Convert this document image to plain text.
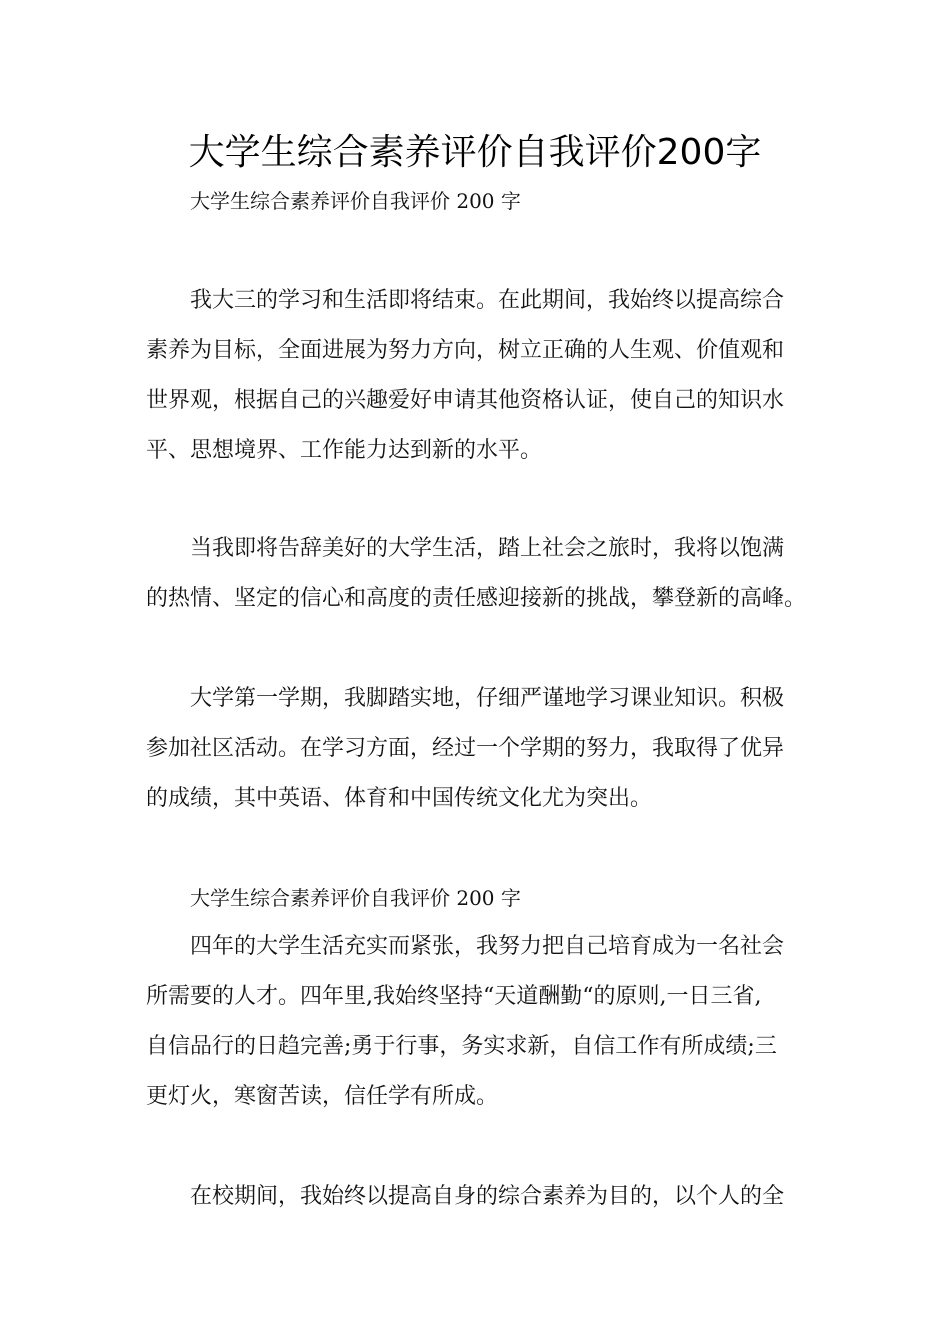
大学生综合素养评价自我评价200字

大学生综合素养评价自我评价 200 字

我大三的学习和生活即将结束。在此期间，我始终以提高综合
素养为目标，全面进展为努力方向，树立正确的人生观、价值观和
世界观，根据自己的兴趣爱好申请其他资格认证，使自己的知识水
平、思想境界、工作能力达到新的水平。
当我即将告辞美好的大学生活，踏上社会之旅时，我将以饱满
的热情、坚定的信心和高度的责任感迎接新的挑战，攀登新的高峰。
大学第一学期，我脚踏实地，仔细严谨地学习课业知识。积极
参加社区活动。在学习方面，经过一个学期的努力，我取得了优异
的成绩，其中英语、体育和中国传统文化尤为突出。

大学生综合素养评价自我评价 200 字

四年的大学生活充实而紧张，我努力把自己培育成为一名社会
所需要的人才。四年里,我始终坚持“天道酬勤“的原则,一日三省,
自信品行的日趋完善;勇于行事，务实求新，自信工作有所成绩;三
更灯火，寒窗苦读，信任学有所成。
在校期间，我始终以提高自身的综合素养为目的，以个人的全
